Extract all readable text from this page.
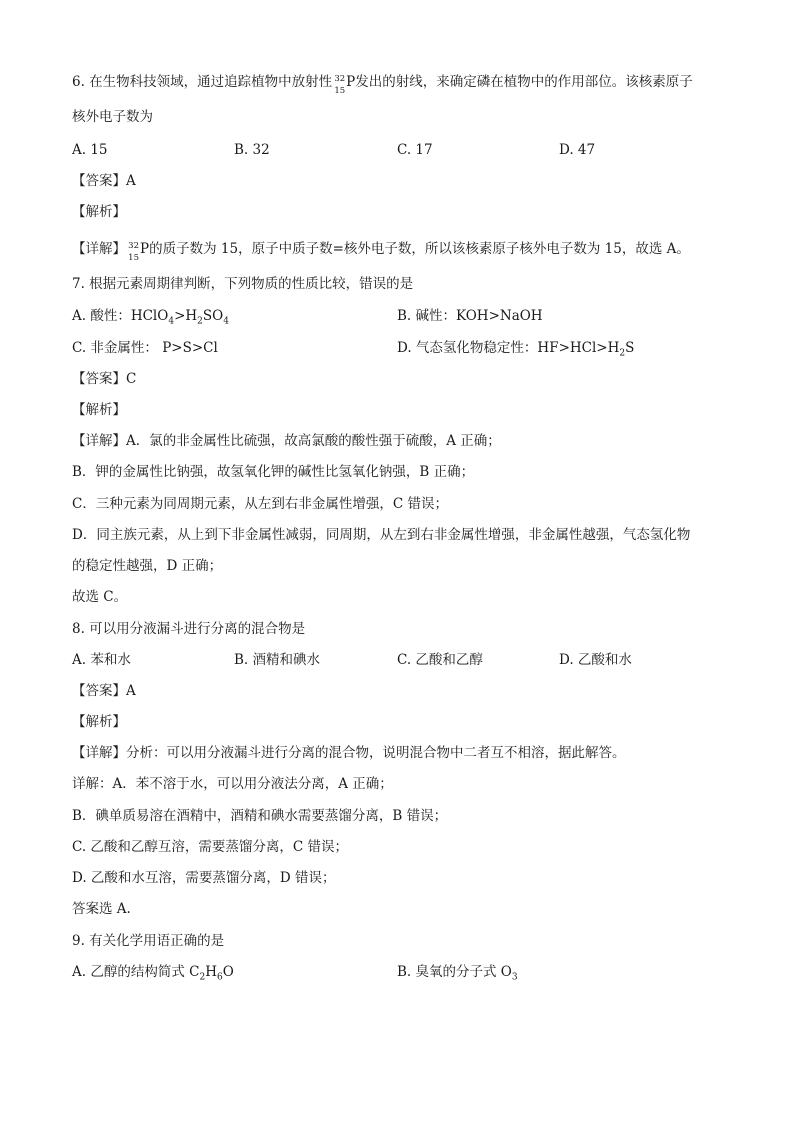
6. 在生物科技领域，通过追踪植物中放射性 32
15
P发出的射线，来确定磷在植物中的作用部位。该核素原子
核外电子数为
A. 15	B. 32	C. 17	D. 47
【答案】A
【解析】
【详解】 32
15
P的质子数为 15，原子中质子数=核外电子数，所以该核素原子核外电子数为 15，故选 A。
7. 根据元素周期律判断，下列物质的性质比较，错误的是
A. 酸性：$HClO_4>H_2SO_4$	B. 碱性：KOH>NaOH
C. 非金属性： P>S>Cl	D. 气态氢化物稳定性：$HF>HCl>H_2S$
【答案】C
【解析】
【详解】A．氯的非金属性比硫强，故高氯酸的酸性强于硫酸，A 正确；
B．钾的金属性比钠强，故氢氧化钾的碱性比氢氧化钠强，B 正确；
C．三种元素为同周期元素，从左到右非金属性增强，C 错误；
D．同主族元素，从上到下非金属性减弱，同周期，从左到右非金属性增强，非金属性越强，气态氢化物
的稳定性越强，D 正确；
故选 C。
8. 可以用分液漏斗进行分离的混合物是
A. 苯和水	B. 酒精和碘水	C. 乙酸和乙醇	D. 乙酸和水
【答案】A
【解析】
【详解】分析：可以用分液漏斗进行分离的混合物，说明混合物中二者互不相溶，据此解答。
详解：A．苯不溶于水，可以用分液法分离，A 正确；
B．碘单质易溶在酒精中，酒精和碘水需要蒸馏分离，B 错误；
C. 乙酸和乙醇互溶，需要蒸馏分离，C 错误；
D. 乙酸和水互溶，需要蒸馏分离，D 错误；
答案选 A.
9. 有关化学用语正确的是
A. 乙醇的结构简式 $C_2H_6O$	B. 臭氧的分子式 $O_3$
